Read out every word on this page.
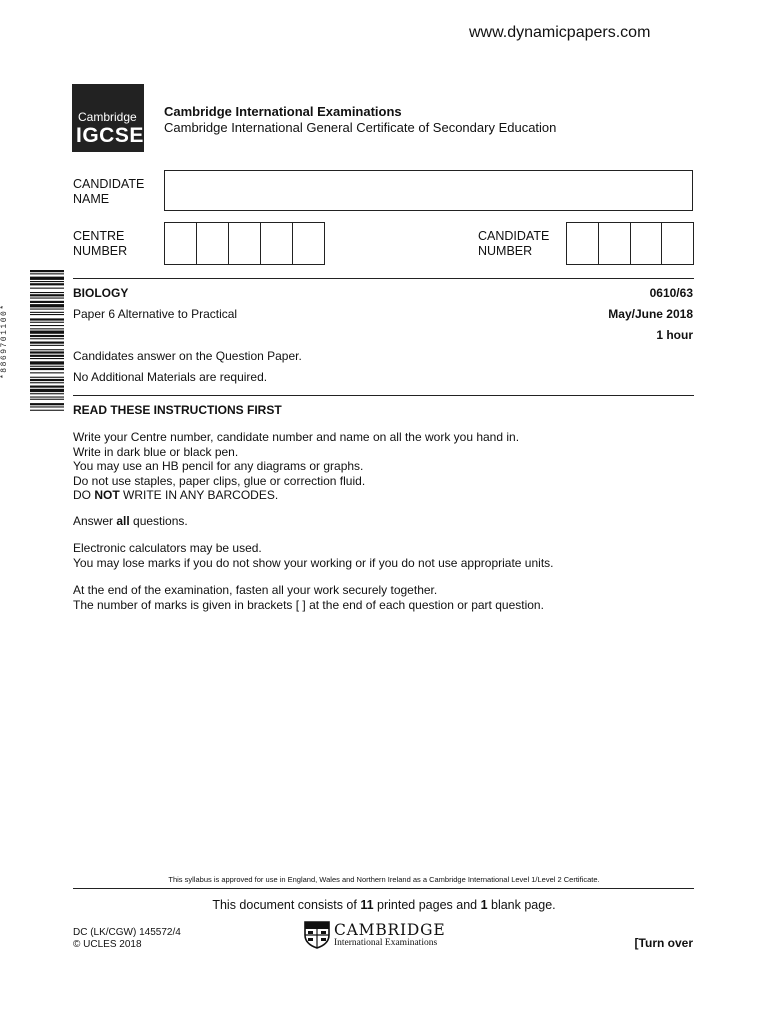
www.dynamicpapers.com
Cambridge
IGCSE
Cambridge International Examinations
Cambridge International General Certificate of Secondary Education
*8869701100*
CANDIDATE
NAME
CENTRE
NUMBER
CANDIDATE
NUMBER
BIOLOGY	0610/63
Paper 6 Alternative to Practical	May/June 2018
1 hour
Candidates answer on the Question Paper.
No Additional Materials are required.
READ THESE INSTRUCTIONS FIRST
Write your Centre number, candidate number and name on all the work you hand in.
Write in dark blue or black pen.
You may use an HB pencil for any diagrams or graphs.
Do not use staples, paper clips, glue or correction fluid.
DO NOT WRITE IN ANY BARCODES.
Answer all questions.
Electronic calculators may be used.
You may lose marks if you do not show your working or if you do not use appropriate units.
At the end of the examination, fasten all your work securely together.
The number of marks is given in brackets [ ] at the end of each question or part question.
This syllabus is approved for use in England, Wales and Northern Ireland as a Cambridge International Level 1/Level 2 Certificate.
This document consists of 11 printed pages and 1 blank page.
DC (LK/CGW) 145572/4
© UCLES 2018
CAMBRIDGE
International Examinations	[Turn over
